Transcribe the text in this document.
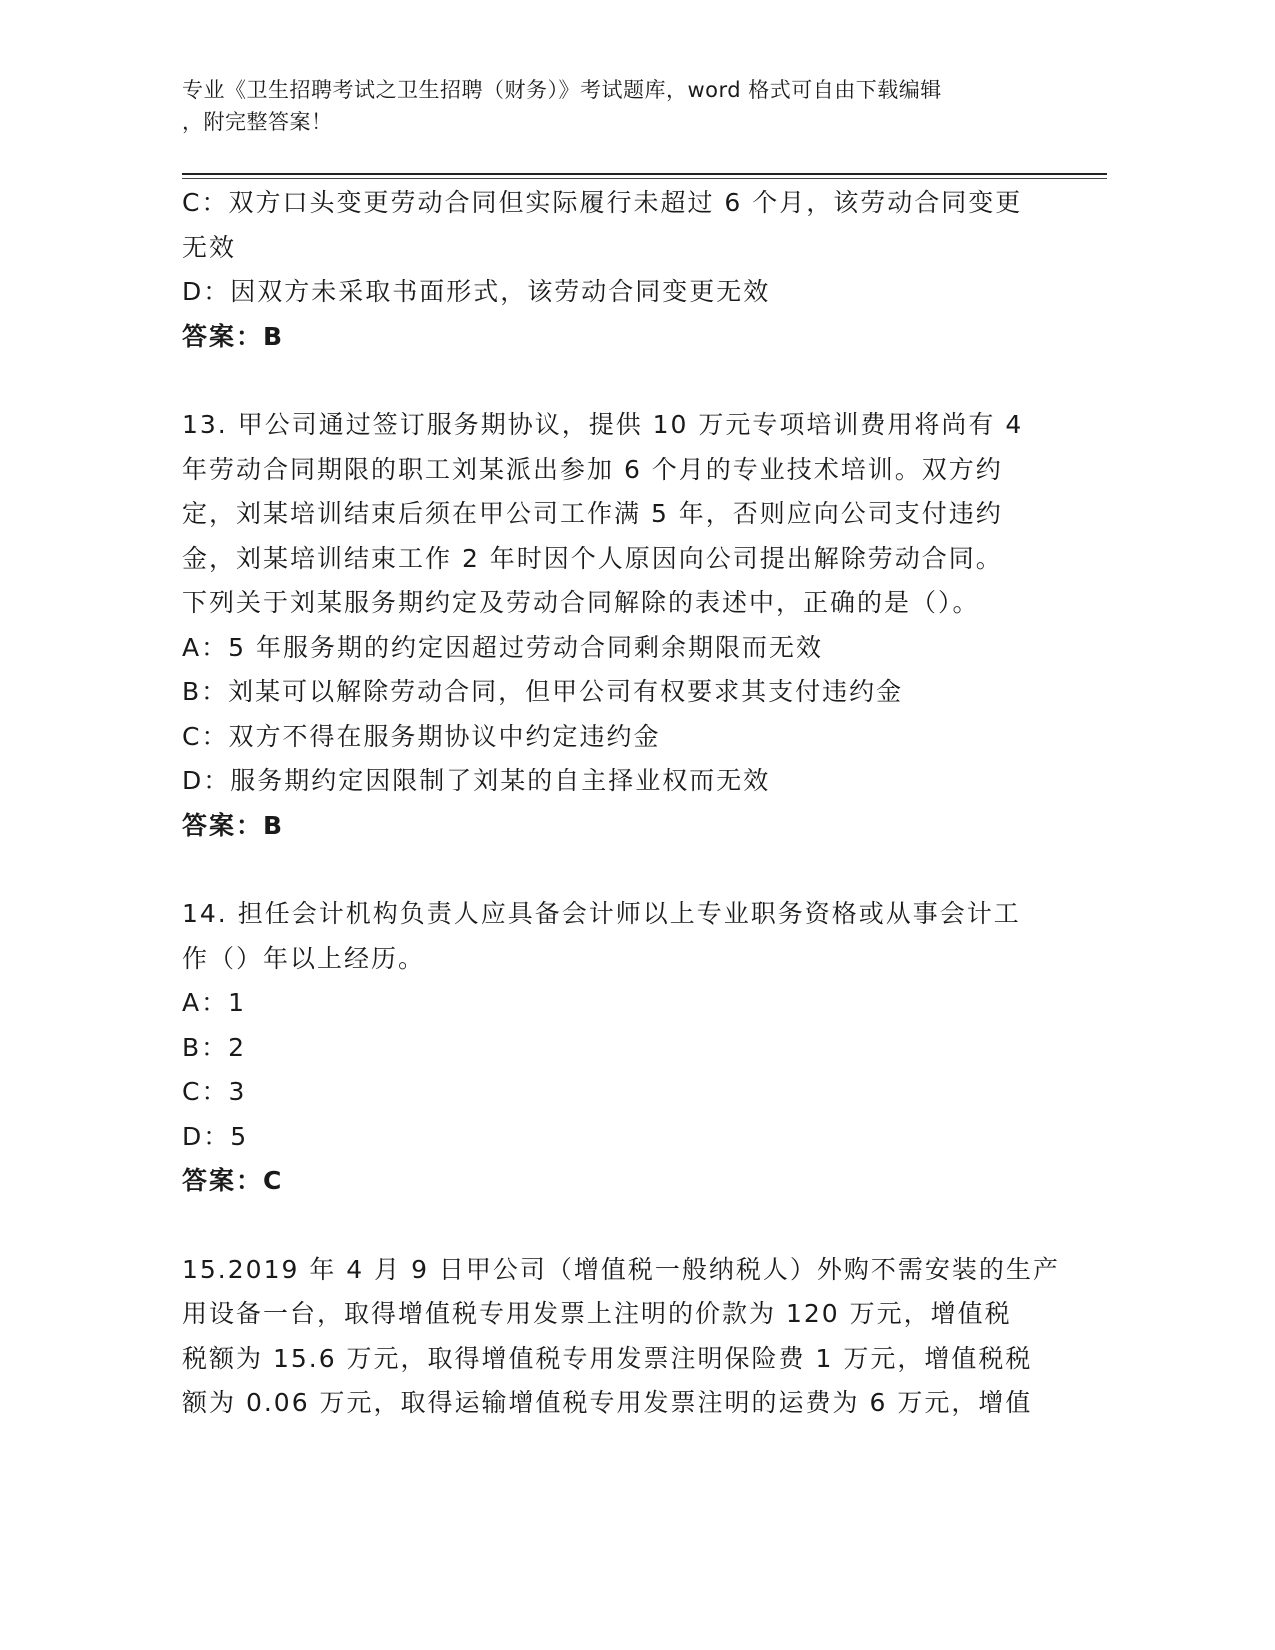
专业《卫生招聘考试之卫生招聘（财务）》考试题库，word 格式可自由下载编辑
，附完整答案！
C：双方口头变更劳动合同但实际履行未超过 6 个月，该劳动合同变更
无效
D：因双方未采取书面形式，该劳动合同变更无效
答案：B
13. 甲公司通过签订服务期协议，提供 10 万元专项培训费用将尚有 4
年劳动合同期限的职工刘某派出参加 6 个月的专业技术培训。双方约
定，刘某培训结束后须在甲公司工作满 5 年，否则应向公司支付违约
金，刘某培训结束工作 2 年时因个人原因向公司提出解除劳动合同。
下列关于刘某服务期约定及劳动合同解除的表述中，正确的是（）。
A：5 年服务期的约定因超过劳动合同剩余期限而无效
B：刘某可以解除劳动合同，但甲公司有权要求其支付违约金
C：双方不得在服务期协议中约定违约金
D：服务期约定因限制了刘某的自主择业权而无效
答案：B
14. 担任会计机构负责人应具备会计师以上专业职务资格或从事会计工
作（）年以上经历。
A：1
B：2
C：3
D：5
答案：C
15.2019 年 4 月 9 日甲公司（增值税一般纳税人）外购不需安装的生产
用设备一台，取得增值税专用发票上注明的价款为 120 万元，增值税
税额为 15.6 万元，取得增值税专用发票注明保险费 1 万元，增值税税
额为 0.06 万元，取得运输增值税专用发票注明的运费为 6 万元，增值
